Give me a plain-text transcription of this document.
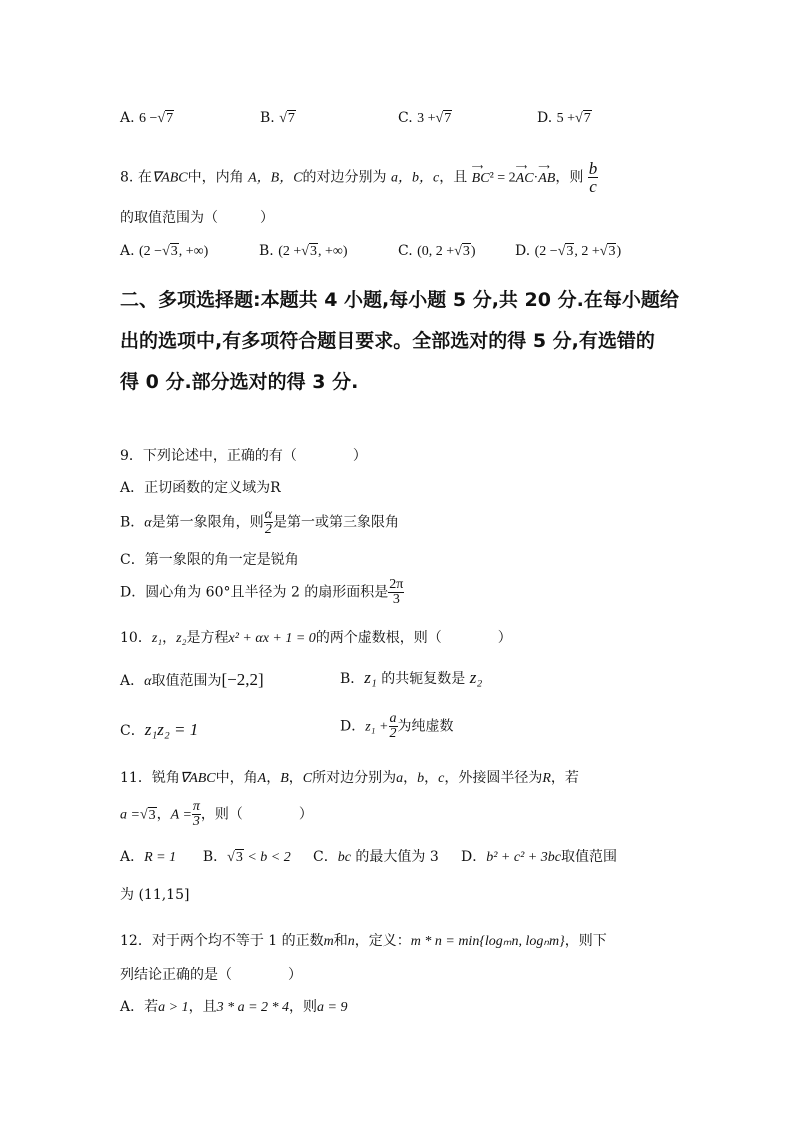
A. 6 −√7	B. √7	C. 3 +√7	D. 5 +√7
8. 在∇ABC中，内角 A，B，C的对边分别为 a，b，c，且 ⟶ BC² = 2⟶ AC·⟶ AB，则 $\frac{b}{c}$
的取值范围为（　　　）
A. (2 −√3, +∞)	B. (2 +√3, +∞)	C. (0, 2 +√3)	D. (2 −√3, 2 +√3)
二、多项选择题:本题共 4 小题,每小题 5 分,共 20 分.在每小题给
出的选项中,有多项符合题目要求。全部选对的得 5 分,有选错的
得 0 分.部分选对的得 3 分.
9．下列论述中，正确的有（　　　　）
A．正切函数的定义域为R
B．α是第一象限角，则 $\frac{\alpha}{2}$ 是第一或第三象限角
C．第一象限的角一定是锐角
D．圆心角为 60°且半径为 2 的扇形面积是 $\frac{2\pi}{3}$
10．z₁，z₂是方程x² + αx + 1 = 0的两个虚数根，则（　　　　）
A．α取值范围为[−2,2]	B．z₁ 的共轭复数是 z₂
C．z₁z₂ = 1	D．$z_1 + \frac{a}{2}$ 为纯虚数
11．锐角∇ABC中，角A，B，C所对边分别为a，b，c，外接圆半径为R，若
a =√3，$A = \frac{\pi}{3}$ ，则（　　　　）
A．R = 1 B．√3 < b < 2 C．bc 的最大值为 3 D．b² + c² + 3bc取值范围
为 (11,15]
12．对于两个均不等于 1 的正数m和n，定义：m * n = min{logₘn, logₙm}，则下
列结论正确的是（　　　　）
A．若a > 1，且3 * a = 2 * 4，则a = 9
